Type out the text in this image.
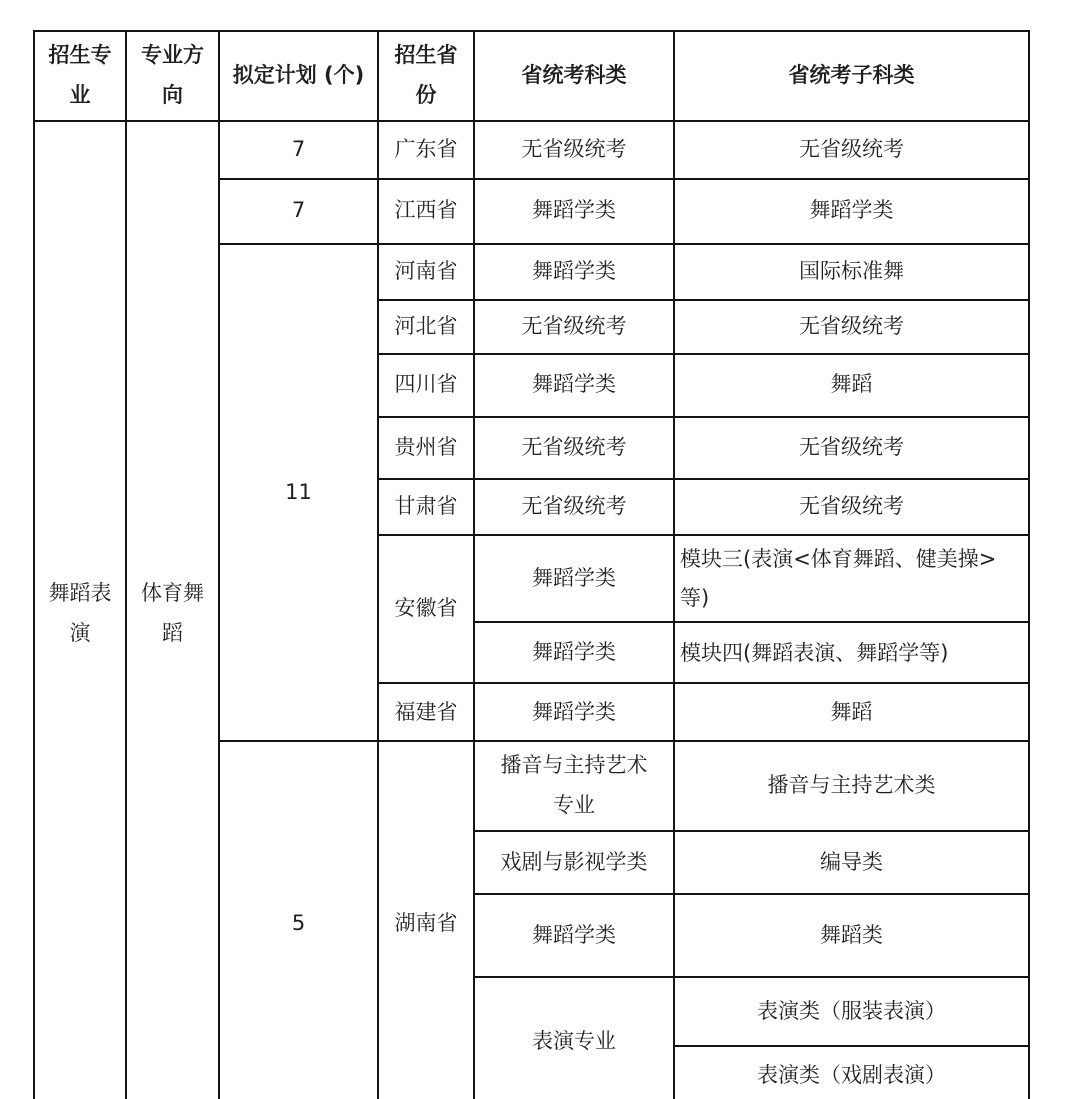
招生专业	专业方向	拟定计划 (个)	招生省份	省统考科类	省统考子科类
舞蹈表演	体育舞蹈	7	广东省	无省级统考	无省级统考
		7	江西省	舞蹈学类	舞蹈学类
		11	河南省	舞蹈学类	国际标准舞
			河北省	无省级统考	无省级统考
			四川省	舞蹈学类	舞蹈
			贵州省	无省级统考	无省级统考
			甘肃省	无省级统考	无省级统考
			安徽省	舞蹈学类	模块三(表演<体育舞蹈、健美操>等)
				舞蹈学类	模块四(舞蹈表演、舞蹈学等)
			福建省	舞蹈学类	舞蹈
		5	湖南省	播音与主持艺术专业	播音与主持艺术类
				戏剧与影视学类	编导类
				舞蹈学类	舞蹈类
				表演专业	表演类（服装表演）
					表演类（戏剧表演）
